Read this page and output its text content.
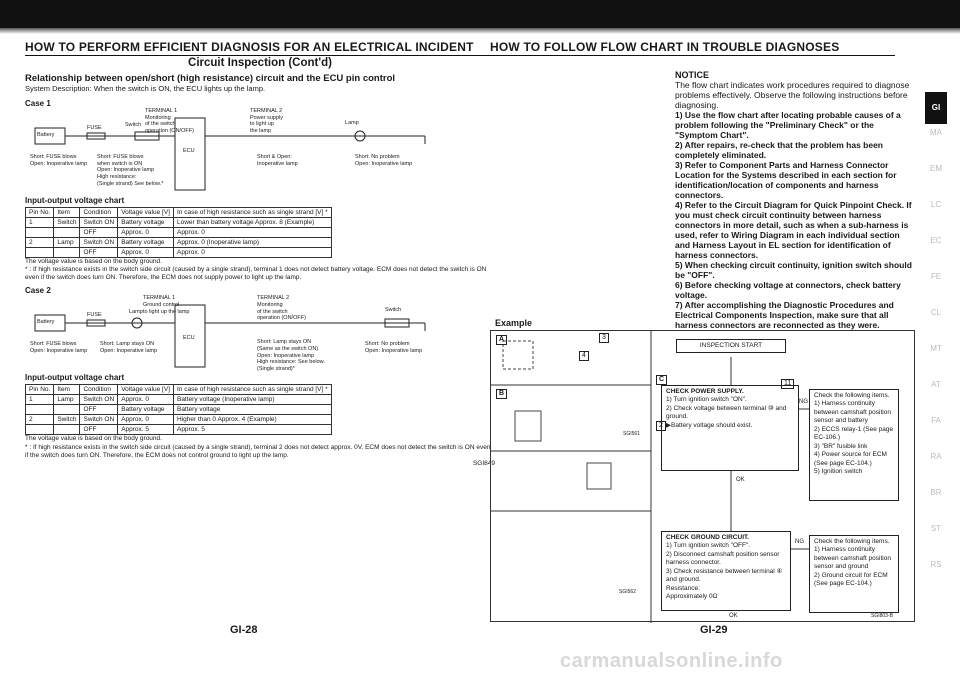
HOW TO PERFORM EFFICIENT DIAGNOSIS FOR AN ELECTRICAL INCIDENT
Circuit Inspection (Cont'd)
Relationship between open/short (high resistance) circuit and the ECU pin control
System Description: When the switch is ON, the ECU lights up the lamp.
Case 1
Battery
FUSE	Switch
TERMINAL 1
Monitoring
of the switch
operation (ON/OFF)
ECU
TERMINAL 2
Power supply
to light up
the lamp
Lamp
Short: FUSE blows
Open: Inoperative lamp
Short: FUSE blows
when switch is ON
Open: Inoperative lamp
High resistance:
(Single strand) See below.*
Short & Open:
Inoperative lamp
Short: No problem
Open: Inoperative lamp
Input-output voltage chart
Pin No.	Item	Condition	Voltage value [V]	In case of high resistance such as single strand [V] *
1	Switch	Switch ON	Battery voltage	Lower than battery voltage Approx. 8 (Example)
		OFF	Approx. 0	Approx. 0
2	Lamp	Switch ON	Battery voltage	Approx. 0 (Inoperative lamp)
		OFF	Approx. 0	Approx. 0
The voltage value is based on the body ground.
* : If high resistance exists in the switch side circuit (caused by a single strand), terminal 1 does not detect battery voltage. ECM does not detect the switch is ON even if the switch does turn ON. Therefore, the ECM does not supply power to light up the lamp.
Case 2
Battery
FUSE	Lamp
TERMINAL 1
Ground control
to light up the lamp
ECU
TERMINAL 2
Monitoring
of the switch
operation (ON/OFF)
Switch
Short: FUSE blows
Open: Inoperative lamp
Short: Lamp stays ON
Open: Inoperative lamp
Short: Lamp stays ON
(Same as the switch ON)
Open: Inoperative lamp
Short: No problem
Open: Inoperative lamp
High resistance: See below.
(Single strand)*
Input-output voltage chart
Pin No.	Item	Condition	Voltage value [V]	In case of high resistance such as single strand [V] *
1	Lamp	Switch ON	Approx. 0	Battery voltage (Inoperative lamp)
		OFF	Battery voltage	Battery voltage
2	Switch	Switch ON	Approx. 0	Higher than 0 Approx. 4 (Example)
		OFF	Approx. 5	Approx. 5
The voltage value is based on the body ground.
* : If high resistance exists in the switch side circuit (caused by a single strand), terminal 2 does not detect approx. 0V. ECM does not detect the switch is ON even if the switch does turn ON. Therefore, the ECM does not control ground to light up the lamp.
SGI849
GI-28
HOW TO FOLLOW FLOW CHART IN TROUBLE DIAGNOSES
NOTICE
The flow chart indicates work procedures required to diagnose problems effectively. Observe the following instructions before diagnosing.
1) Use the flow chart after locating probable causes of a problem following the "Preliminary Check" or the "Symptom Chart".
2) After repairs, re-check that the problem has been completely eliminated.
3) Refer to Component Parts and Harness Connector Location for the Systems described in each section for identification/location of components and harness connectors.
4) Refer to the Circuit Diagram for Quick Pinpoint Check. If you must check circuit continuity between harness connectors in more detail, such as when a sub-harness is used, refer to Wiring Diagram in each individual section and Harness Layout in EL section for identification of harness connectors.
5) When checking circuit continuity, ignition switch should be "OFF".
6) Before checking voltage at connectors, check battery voltage.
7) After accomplishing the Diagnostic Procedures and Electrical Components Inspection, make sure that all harness connectors are reconnected as they were.
Example
INSPECTION START
CHECK POWER SUPPLY.
1) Turn ignition switch "ON".
2) Check voltage between terminal ⑩ and ground.
▶Battery voltage should exist.
NG
OK
Check the following items.
1) Harness continuity between camshaft position sensor and battery
2) ECCS relay-1 (See page EC-106.)
3) "BR" fusible link
4) Power source for ECM (See page EC-104.)
5) Ignition switch
CHECK GROUND CIRCUIT.
1) Turn ignition switch "OFF".
2) Disconnect camshaft position sensor harness connector.
3) Check resistance between terminal ④ and ground.
Resistance:
Approximately 0Ω
NG
OK
Check the following items.
1) Harness continuity between camshaft position sensor and ground
2) Ground circuit for ECM (See page EC-104.)
A
B
C
3
4
2
11
SGI561
SGI562
SGI803-B
GI-29
GI
MA
EM
LC
EC
FE
CL
MT
AT
FA
RA
BR
ST
RS
carmanualsonline.info
